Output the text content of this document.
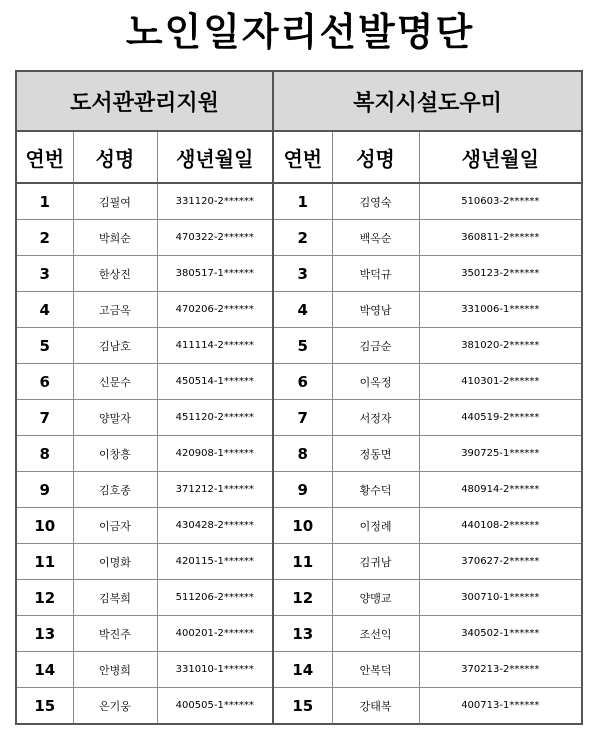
노인일자리선발명단
도서관관리지원			복지시설도우미		
연번	성명	생년월일	연번	성명	생년월일
1	김필여	331120-2******	1	김영숙	510603-2******
2	박희순	470322-2******	2	백옥순	360811-2******
3	한상진	380517-1******	3	박덕규	350123-2******
4	고금옥	470206-2******	4	박영남	331006-1******
5	김남호	411114-2******	5	김금순	381020-2******
6	신문수	450514-1******	6	이옥정	410301-2******
7	양말자	451120-2******	7	서정자	440519-2******
8	이창흥	420908-1******	8	정동면	390725-1******
9	김호종	371212-1******	9	황수덕	480914-2******
10	이금자	430428-2******	10	이정례	440108-2******
11	이명화	420115-1******	11	김귀남	370627-2******
12	김복희	511206-2******	12	양맹교	300710-1******
13	박진주	400201-2******	13	조선익	340502-1******
14	안병희	331010-1******	14	안복덕	370213-2******
15	은기웅	400505-1******	15	강태복	400713-1******
